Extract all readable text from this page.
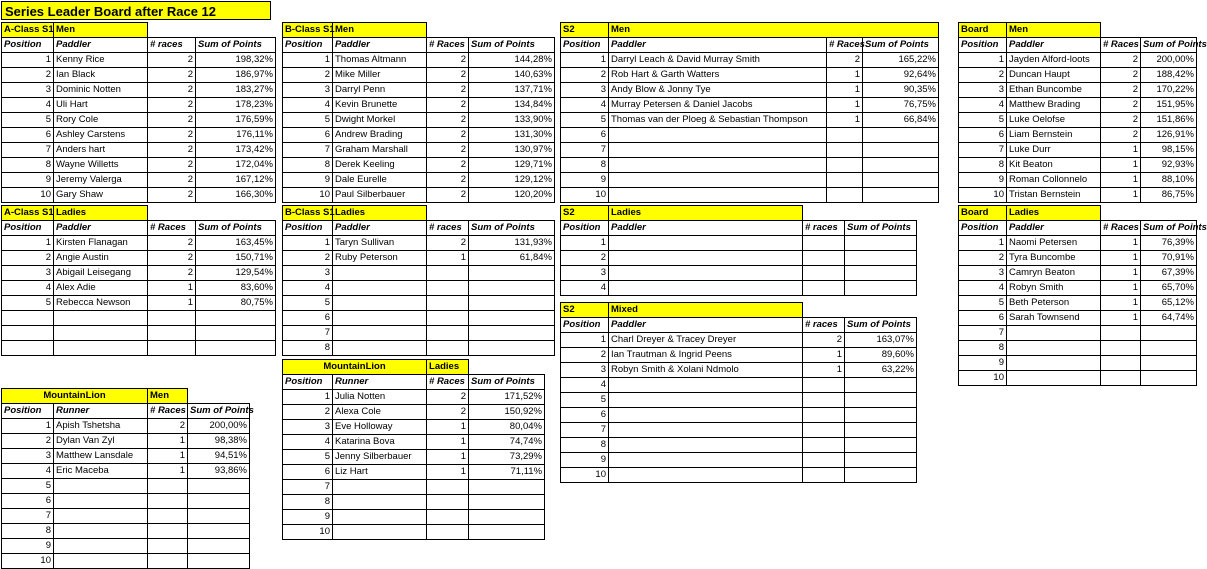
Series Leader Board after Race 12
A-Class S1	Men		
Position	Paddler	# races	Sum of Points
1	Kenny Rice	2	198,32%
2	Ian Black	2	186,97%
3	Dominic Notten	2	183,27%
4	Uli Hart	2	178,23%
5	Rory Cole	2	176,59%
6	Ashley Carstens	2	176,11%
7	Anders hart	2	173,42%
8	Wayne Willetts	2	172,04%
9	Jeremy Valerga	2	167,12%
10	Gary Shaw	2	166,30%
B-Class S1	Men		
Position	Paddler	# Races	Sum of Points
1	Thomas Altmann	2	144,28%
2	Mike Miller	2	140,63%
3	Darryl Penn	2	137,71%
4	Kevin Brunette	2	134,84%
5	Dwight Morkel	2	133,90%
6	Andrew Brading	2	131,30%
7	Graham Marshall	2	130,97%
8	Derek Keeling	2	129,71%
9	Dale Eurelle	2	129,12%
10	Paul Silberbauer	2	120,20%
S2	Men		
Position	Paddler	# Races	Sum of Points
1	Darryl Leach & David Murray Smith	2	165,22%
2	Rob Hart & Garth Watters	1	92,64%
3	Andy Blow & Jonny Tye	1	90,35%
4	Murray Petersen & Daniel Jacobs	1	76,75%
5	Thomas van der Ploeg & Sebastian Thompson	1	66,84%
6			
7			
8			
9			
10			
Board	Men		
Position	Paddler	# Races	Sum of Points
1	Jayden Alford-loots	2	200,00%
2	Duncan Haupt	2	188,42%
3	Ethan Buncombe	2	170,22%
4	Matthew Brading	2	151,95%
5	Luke Oelofse	2	151,86%
6	Liam Bernstein	2	126,91%
7	Luke Durr	1	98,15%
8	Kit Beaton	1	92,93%
9	Roman Collonnelo	1	88,10%
10	Tristan Bernstein	1	86,75%
A-Class S1	Ladies		
Position	Paddler	# Races	Sum of Points
1	Kirsten Flanagan	2	163,45%
2	Angie Austin	2	150,71%
3	Abigail Leisegang	2	129,54%
4	Alex Adie	1	83,60%
5	Rebecca Newson	1	80,75%

B-Class S1	Ladies		
Position	Paddler	# races	Sum of Points
1	Taryn Sullivan	2	131,93%
2	Ruby Peterson	1	61,84%
3			
4			
5			
6			
7			
8			
S2	Ladies		
Position	Paddler	# races	Sum of Points
1			
2			
3			
4			
S2	Mixed		
Position	Paddler	# races	Sum of Points
1	Charl Dreyer & Tracey Dreyer	2	163,07%
2	Ian Trautman & Ingrid Peens	1	89,60%
3	Robyn Smith & Xolani Ndmolo	1	63,22%
4			
5			
6			
7			
8			
9			
10			
Board	Ladies		
Position	Paddler	# Races	Sum of Points
1	Naomi Petersen	1	76,39%
2	Tyra Buncombe	1	70,91%
3	Camryn Beaton	1	67,39%
4	Robyn Smith	1	65,70%
5	Beth Peterson	1	65,12%
6	Sarah Townsend	1	64,74%
7			
8			
9			
10			
MountainLion		Men	
Position	Runner	# Races	Sum of Points
1	Apish Tshetsha	2	200,00%
2	Dylan Van Zyl	1	98,38%
3	Matthew Lansdale	1	94,51%
4	Eric Maceba	1	93,86%
5			
6			
7			
8			
9			
10			
MountainLion		Ladies	
Position	Runner	# Races	Sum of Points
1	Julia Notten	2	171,52%
2	Alexa Cole	2	150,92%
3	Eve Holloway	1	80,04%
4	Katarina Bova	1	74,74%
5	Jenny Silberbauer	1	73,29%
6	Liz Hart	1	71,11%
7			
8			
9			
10			
